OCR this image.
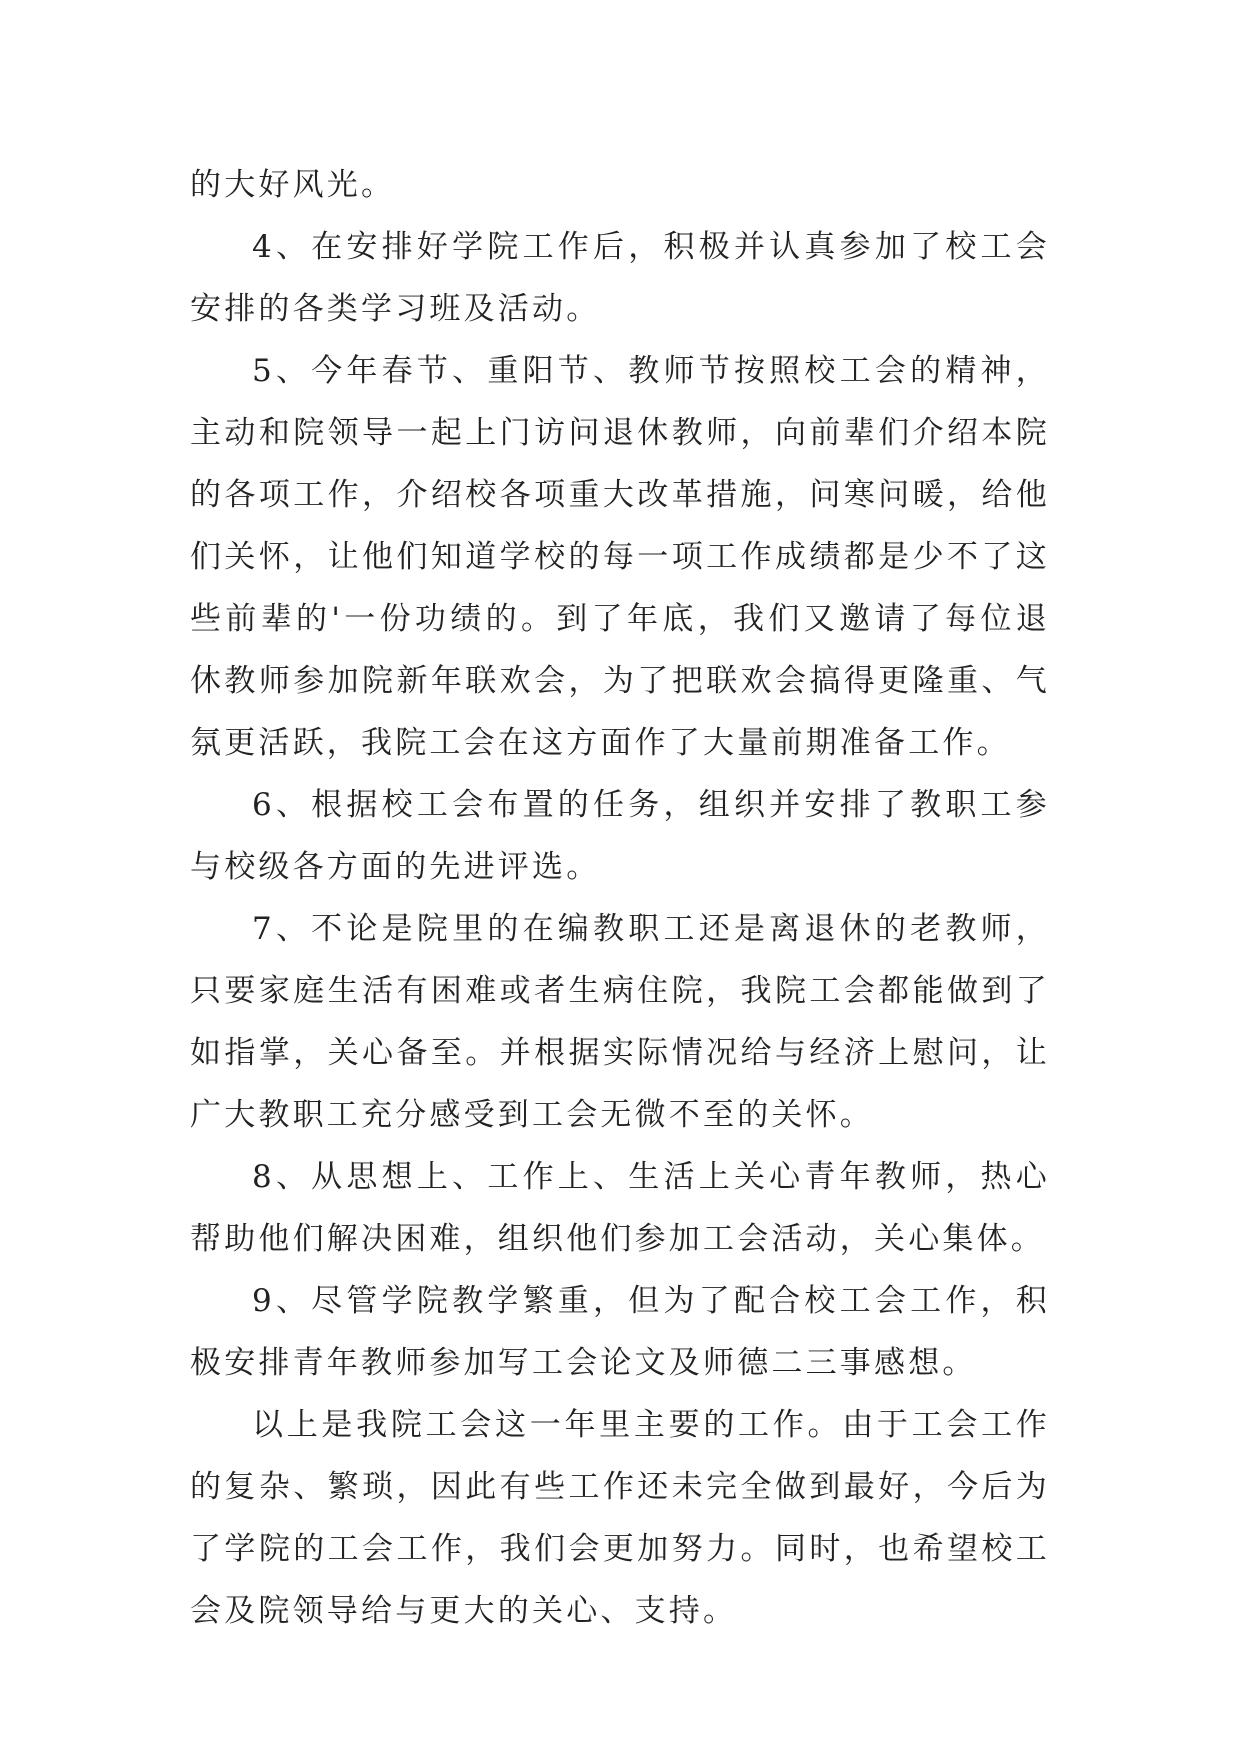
的大好风光。

4、在安排好学院工作后，积极并认真参加了校工会安排的各类学习班及活动。

5、今年春节、重阳节、教师节按照校工会的精神，主动和院领导一起上门访问退休教师，向前辈们介绍本院的各项工作，介绍校各项重大改革措施，问寒问暖，给他们关怀，让他们知道学校的每一项工作成绩都是少不了这些前辈的'一份功绩的。到了年底，我们又邀请了每位退休教师参加院新年联欢会，为了把联欢会搞得更隆重、气氛更活跃，我院工会在这方面作了大量前期准备工作。

6、根据校工会布置的任务，组织并安排了教职工参与校级各方面的先进评选。

7、不论是院里的在编教职工还是离退休的老教师，只要家庭生活有困难或者生病住院，我院工会都能做到了如指掌，关心备至。并根据实际情况给与经济上慰问，让广大教职工充分感受到工会无微不至的关怀。

8、从思想上、工作上、生活上关心青年教师，热心帮助他们解决困难，组织他们参加工会活动，关心集体。

9、尽管学院教学繁重，但为了配合校工会工作，积极安排青年教师参加写工会论文及师德二三事感想。

以上是我院工会这一年里主要的工作。由于工会工作的复杂、繁琐，因此有些工作还未完全做到最好，今后为了学院的工会工作，我们会更加努力。同时，也希望校工会及院领导给与更大的关心、支持。
